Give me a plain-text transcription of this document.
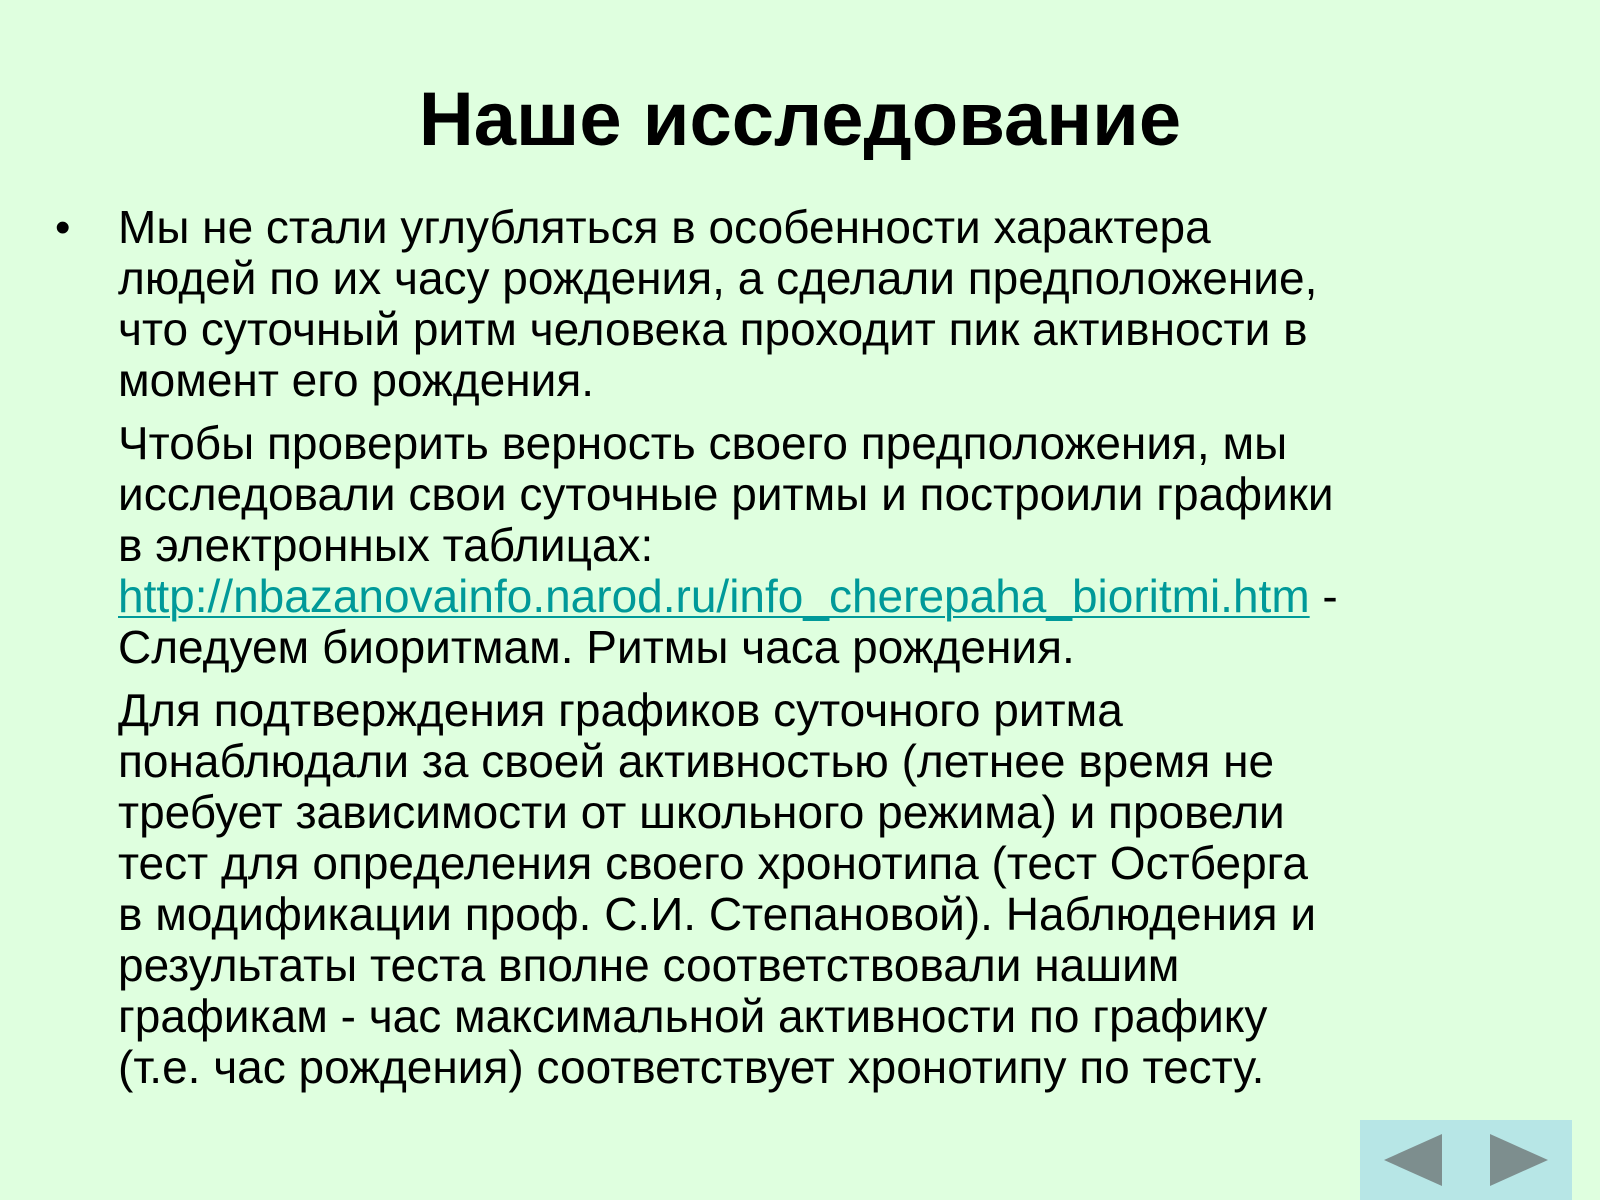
Наше исследование
• Мы не стали углубляться в особенности характера
людей по их часу рождения, а сделали предположение,
что суточный ритм человека проходит пик активности в
момент его рождения.

Чтобы проверить верность своего предположения, мы
исследовали свои суточные ритмы и построили графики
в электронных таблицах:
http://nbazanovainfo.narod.ru/info_cherepaha_bioritmi.htm -
Следуем биоритмам. Ритмы часа рождения.

Для подтверждения графиков суточного ритма
понаблюдали за своей активностью (летнее время не
требует зависимости от школьного режима) и провели
тест для определения своего хронотипа (тест Остберга
в модификации проф. С.И. Степановой). Наблюдения и
результаты теста вполне соответствовали нашим
графикам - час максимальной активности по графику
(т.е. час рождения) соответствует хронотипу по тесту.
